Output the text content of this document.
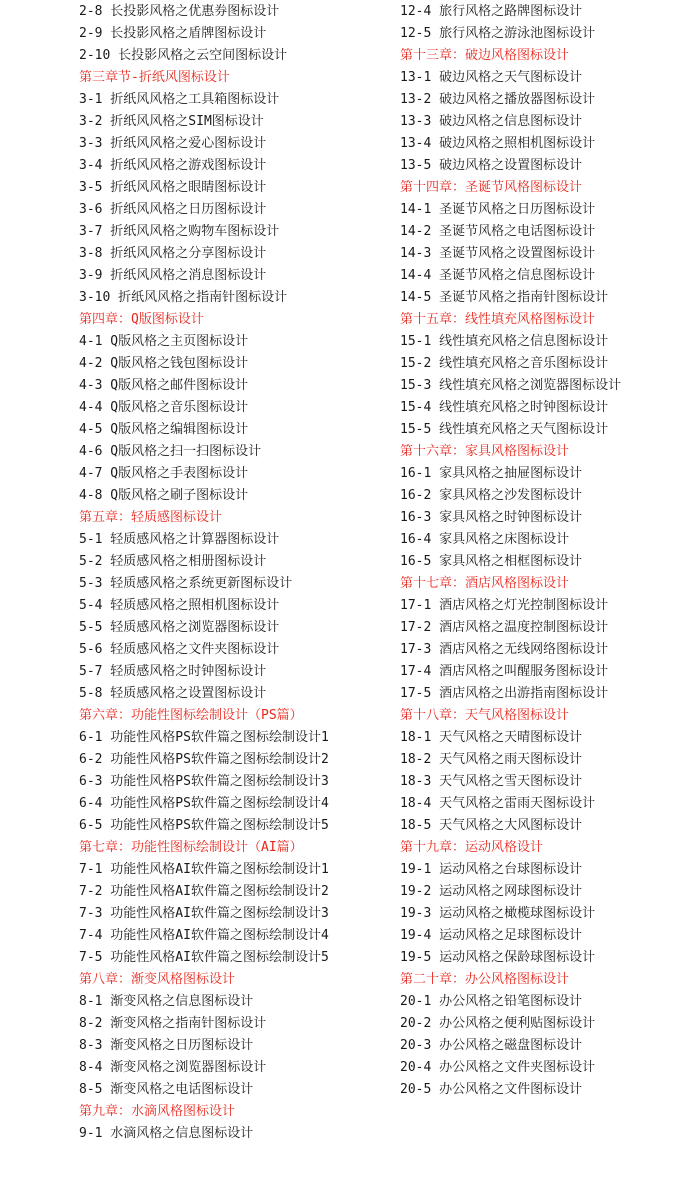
2-8 长投影风格之优惠券图标设计
2-9 长投影风格之盾牌图标设计
2-10 长投影风格之云空间图标设计
第三章节-折纸风图标设计
3-1 折纸风风格之工具箱图标设计
3-2 折纸风风格之SIM图标设计
3-3 折纸风风格之爱心图标设计
3-4 折纸风风格之游戏图标设计
3-5 折纸风风格之眼睛图标设计
3-6 折纸风风格之日历图标设计
3-7 折纸风风格之购物车图标设计
3-8 折纸风风格之分享图标设计
3-9 折纸风风格之消息图标设计
3-10 折纸风风格之指南针图标设计
第四章：Q版图标设计
4-1 Q版风格之主页图标设计
4-2 Q版风格之钱包图标设计
4-3 Q版风格之邮件图标设计
4-4 Q版风格之音乐图标设计
4-5 Q版风格之编辑图标设计
4-6 Q版风格之扫一扫图标设计
4-7 Q版风格之手表图标设计
4-8 Q版风格之刷子图标设计
第五章：轻质感图标设计
5-1 轻质感风格之计算器图标设计
5-2 轻质感风格之相册图标设计
5-3 轻质感风格之系统更新图标设计
5-4 轻质感风格之照相机图标设计
5-5 轻质感风格之浏览器图标设计
5-6 轻质感风格之文件夹图标设计
5-7 轻质感风格之时钟图标设计
5-8 轻质感风格之设置图标设计
第六章：功能性图标绘制设计（PS篇）
6-1 功能性风格PS软件篇之图标绘制设计1
6-2 功能性风格PS软件篇之图标绘制设计2
6-3 功能性风格PS软件篇之图标绘制设计3
6-4 功能性风格PS软件篇之图标绘制设计4
6-5 功能性风格PS软件篇之图标绘制设计5
第七章：功能性图标绘制设计（AI篇）
7-1 功能性风格AI软件篇之图标绘制设计1
7-2 功能性风格AI软件篇之图标绘制设计2
7-3 功能性风格AI软件篇之图标绘制设计3
7-4 功能性风格AI软件篇之图标绘制设计4
7-5 功能性风格AI软件篇之图标绘制设计5
第八章：渐变风格图标设计
8-1 渐变风格之信息图标设计
8-2 渐变风格之指南针图标设计
8-3 渐变风格之日历图标设计
8-4 渐变风格之浏览器图标设计
8-5 渐变风格之电话图标设计
第九章：水滴风格图标设计
9-1 水滴风格之信息图标设计
12-4 旅行风格之路牌图标设计
12-5 旅行风格之游泳池图标设计
第十三章：破边风格图标设计
13-1 破边风格之天气图标设计
13-2 破边风格之播放器图标设计
13-3 破边风格之信息图标设计
13-4 破边风格之照相机图标设计
13-5 破边风格之设置图标设计
第十四章：圣诞节风格图标设计
14-1 圣诞节风格之日历图标设计
14-2 圣诞节风格之电话图标设计
14-3 圣诞节风格之设置图标设计
14-4 圣诞节风格之信息图标设计
14-5 圣诞节风格之指南针图标设计
第十五章：线性填充风格图标设计
15-1 线性填充风格之信息图标设计
15-2 线性填充风格之音乐图标设计
15-3 线性填充风格之浏览器图标设计
15-4 线性填充风格之时钟图标设计
15-5 线性填充风格之天气图标设计
第十六章：家具风格图标设计
16-1 家具风格之抽屉图标设计
16-2 家具风格之沙发图标设计
16-3 家具风格之时钟图标设计
16-4 家具风格之床图标设计
16-5 家具风格之相框图标设计
第十七章：酒店风格图标设计
17-1 酒店风格之灯光控制图标设计
17-2 酒店风格之温度控制图标设计
17-3 酒店风格之无线网络图标设计
17-4 酒店风格之叫醒服务图标设计
17-5 酒店风格之出游指南图标设计
第十八章：天气风格图标设计
18-1 天气风格之天晴图标设计
18-2 天气风格之雨天图标设计
18-3 天气风格之雪天图标设计
18-4 天气风格之雷雨天图标设计
18-5 天气风格之大风图标设计
第十九章：运动风格设计
19-1 运动风格之台球图标设计
19-2 运动风格之网球图标设计
19-3 运动风格之橄榄球图标设计
19-4 运动风格之足球图标设计
19-5 运动风格之保龄球图标设计
第二十章：办公风格图标设计
20-1 办公风格之铅笔图标设计
20-2 办公风格之便利贴图标设计
20-3 办公风格之磁盘图标设计
20-4 办公风格之文件夹图标设计
20-5 办公风格之文件图标设计
